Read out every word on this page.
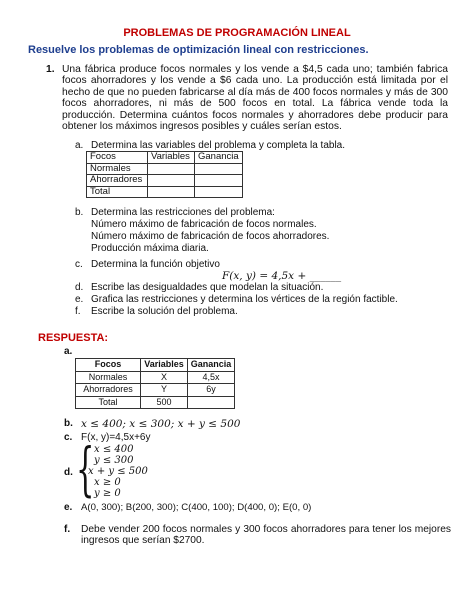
PROBLEMAS DE PROGRAMACIÓN LINEAL
Resuelve los problemas de optimización lineal con restricciones.
1. Una fábrica produce focos normales y los vende a $4,5 cada uno; también fabrica focos ahorradores y los vende a $6 cada uno. La producción está limitada por el hecho de que no pueden fabricarse al día más de 400 focos normales y más de 300 focos ahorradores, ni más de 500 focos en total. La fábrica vende toda la producción. Determina cuántos focos normales y ahorradores debe producir para obtener los máximos ingresos posibles y cuáles serían estos.
a. Determina las variables del problema y completa la tabla.
Focos	Variables	Ganancia
Normales		
Ahorradores		
Total		
b. Determina las restricciones del problema:
Número máximo de fabricación de focos normales.
Número máximo de fabricación de focos ahorradores.
Producción máxima diaria.
c. Determina la función objetivo
F(x, y) = 4,5x + ______
d. Escribe las desigualdades que modelan la situación.
e. Grafica las restricciones y determina los vértices de la región factible.
f. Escribe la solución del problema.
RESPUESTA:
a.
Focos	Variables	Ganancia
Normales	X	4,5x
Ahorradores	Y	6y
Total	500	
b. x ≤ 400; x ≤ 300; x + y ≤ 500
c. F(x, y)=4,5x+6y
d. { x ≤ 400
y ≤ 300
x + y ≤ 500
x ≥ 0
y ≥ 0
e. A(0, 300); B(200, 300); C(400, 100); D(400, 0); E(0, 0)
f. Debe vender 200 focos normales y 300 focos ahorradores para tener los mejores ingresos que serían $2700.
